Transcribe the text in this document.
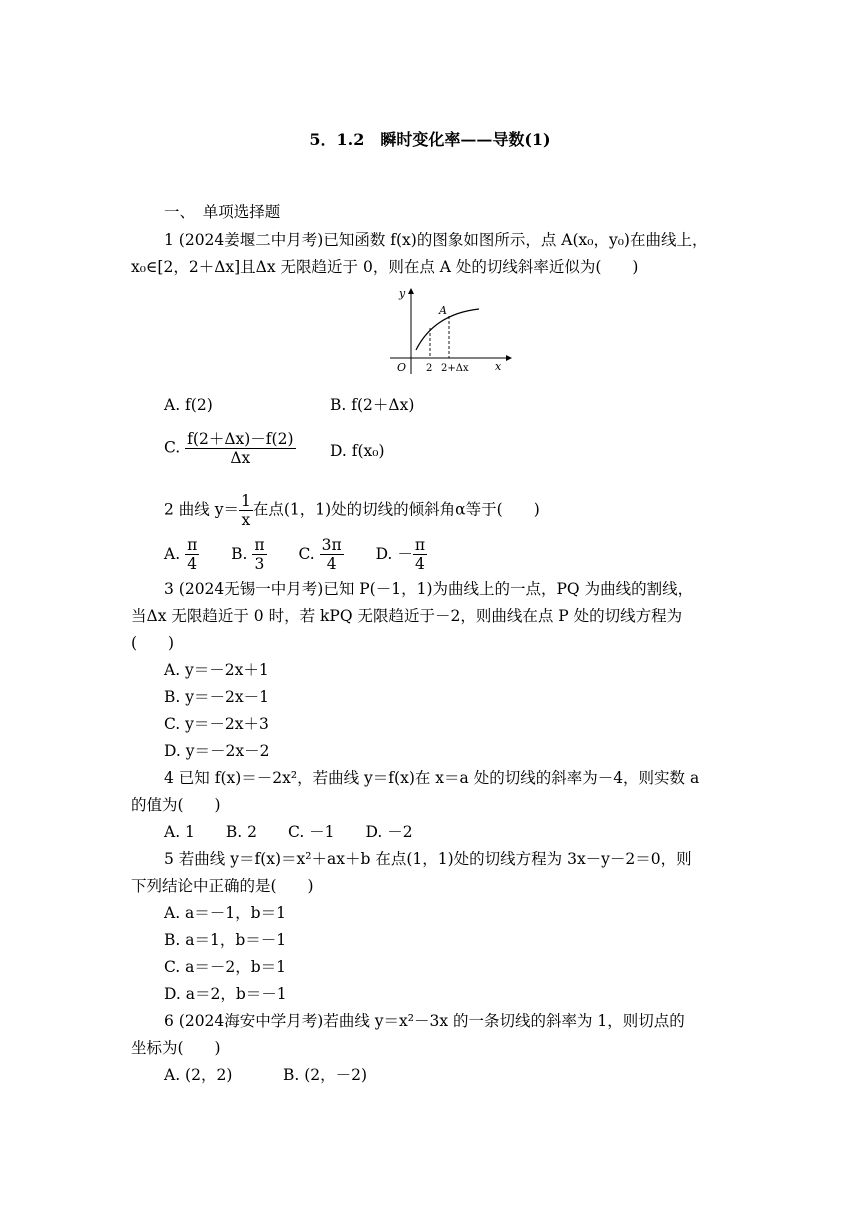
5．1.2　瞬时变化率——导数(1)
一、　单项选择题
1 (2024姜堰二中月考)已知函数 f(x)的图象如图所示，点 A(x₀，y₀)在曲线上，
x₀∈[2，2＋Δx]且Δx 无限趋近于 0，则在点 A 处的切线斜率近似为(　　)
y
x
O
A
2 2+Δx
A. f(2)	B. f(2＋Δx)
C. $\frac{f(2+\Delta x)-f(2)}{\Delta x} D$. f(x₀)
2 曲线 $y= \frac{1}{x}$ 在点(1，1)处的切线的倾斜角α等于(　　)
A. $\frac{\pi}{4} B$. $\frac{\pi}{3} C$. $\frac{3\pi}{4} D$. － $\frac{\pi}{4}$
3 (2024无锡一中月考)已知 P(－1，1)为曲线上的一点，PQ 为曲线的割线，
当Δx 无限趋近于 0 时，若 kPQ 无限趋近于－2，则曲线在点 P 处的切线方程为
(　　)
A. y＝－2x＋1
B. y＝－2x－1
C. y＝－2x＋3
D. y＝－2x－2
4 已知 f(x)＝－2x²，若曲线 y＝f(x)在 x＝a 处的切线的斜率为－4，则实数 a
的值为(　　)
A. 1　　B. 2　　C. －1　　D. －2
5 若曲线 y＝f(x)＝x²＋ax＋b 在点(1，1)处的切线方程为 3x－y－2＝0，则
下列结论中正确的是(　　)
A. a＝－1，b＝1
B. a＝1，b＝－1
C. a＝－2，b＝1
D. a＝2，b＝－1
6 (2024海安中学月考)若曲线 y＝x²－3x 的一条切线的斜率为 1，则切点的
坐标为(　　)
A. (2，2)	B. (2，－2)
